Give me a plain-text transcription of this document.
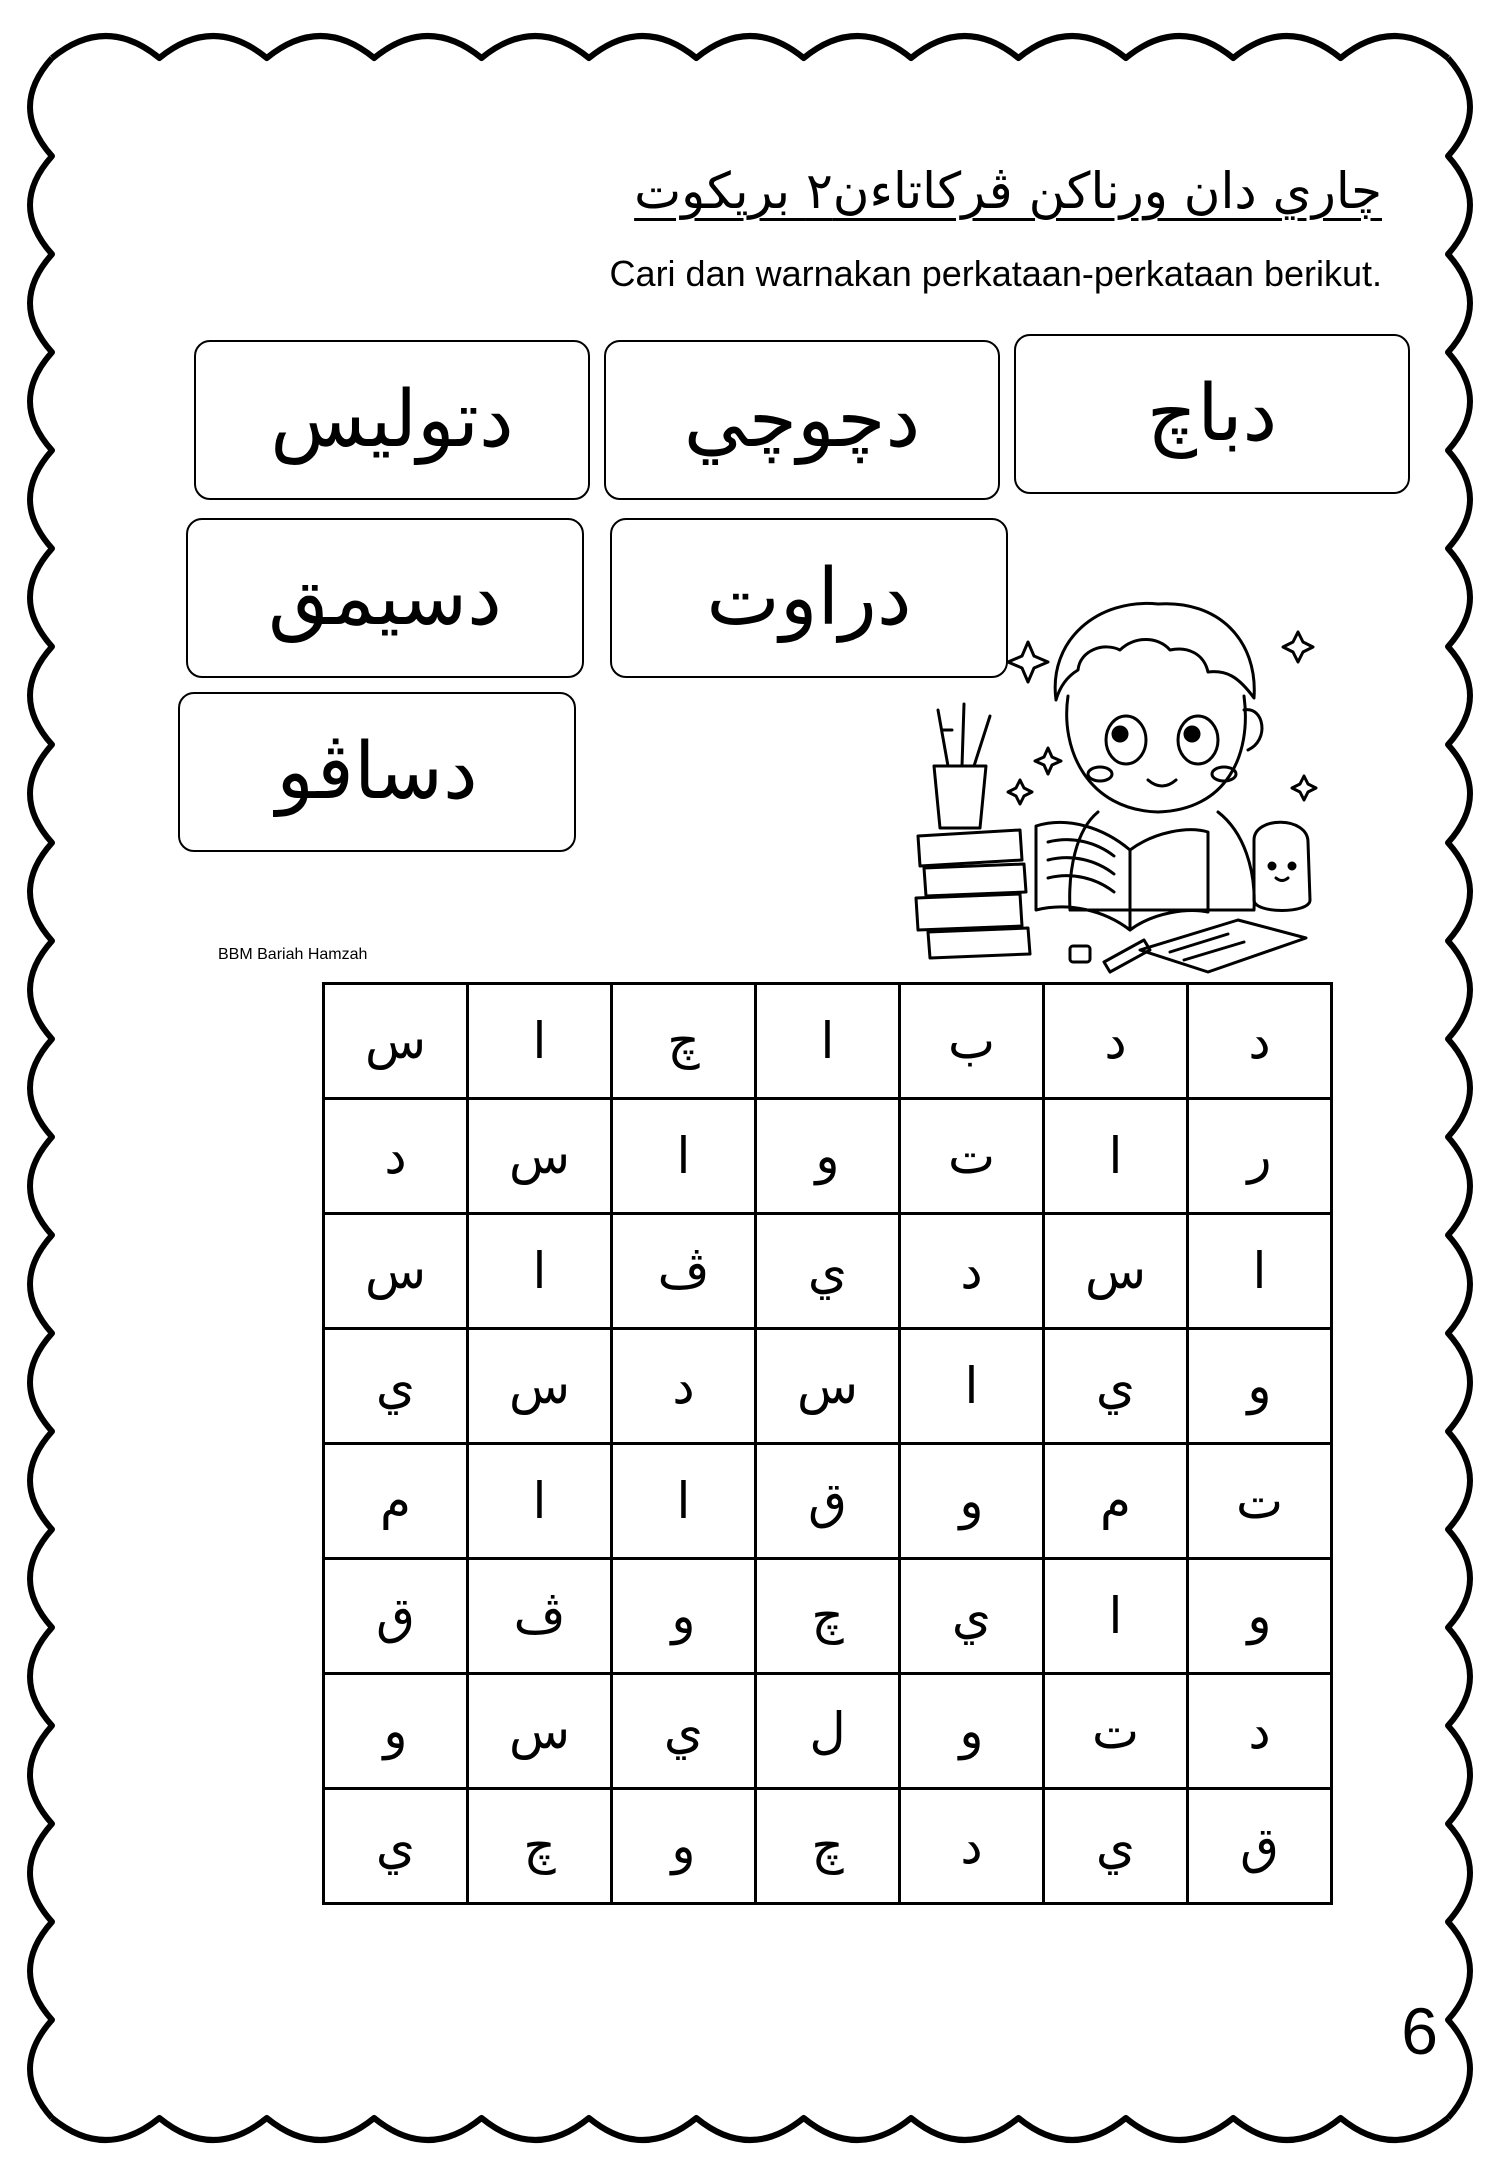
چاري دان ورناکن ڤرکاتاءن٢ بريکوت
Cari dan warnakan perkataan-perkataan berikut.
دباچ
دچوچي
دتوليس
دراوت
دسيمق
دساڤو
BBM Bariah Hamzah
د	د	ب	ا	چ	ا	س
ر	ا	ت	و	ا	س	د
ا	س	د	ي	ڤ	ا	س
و	ي	ا	س	د	س	ي
ت	م	و	ق	ا	ا	م
و	ا	ي	چ	و	ڤ	ق
د	ت	و	ل	ي	س	و
ق	ي	د	چ	و	چ	ي
6
